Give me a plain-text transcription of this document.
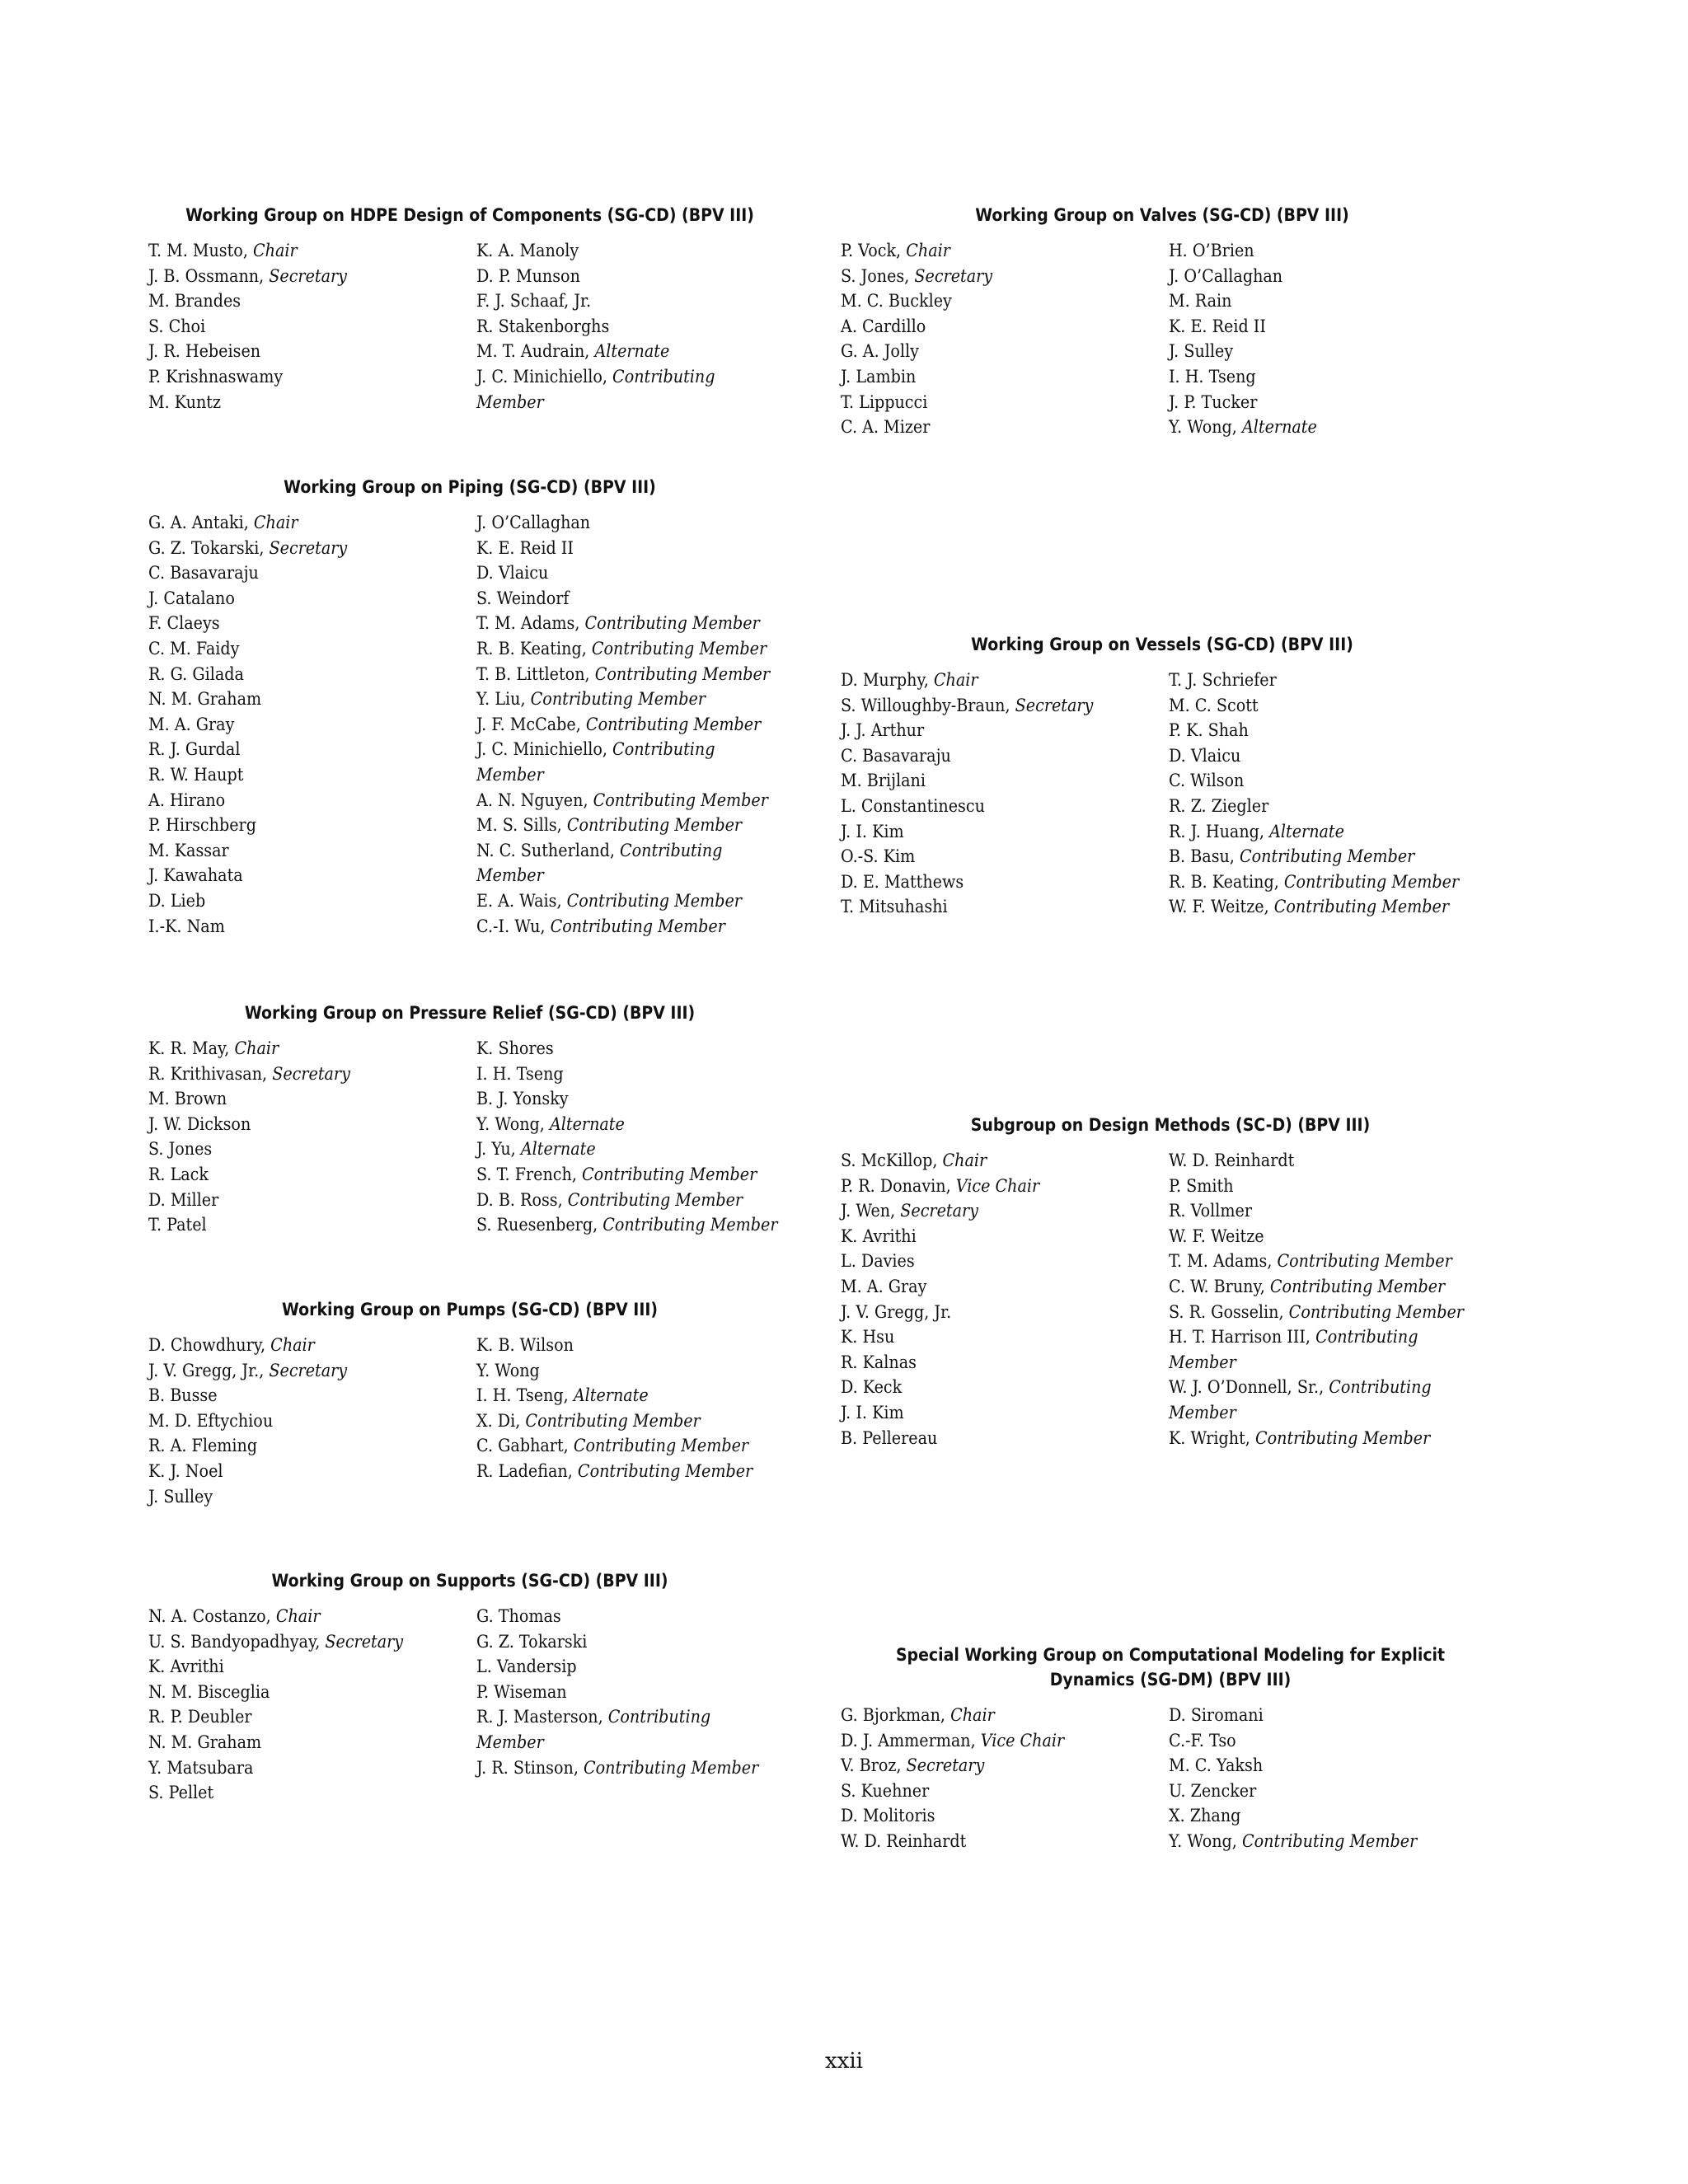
Working Group on HDPE Design of Components (SG-CD) (BPV III)
T. M. Musto, Chair
J. B. Ossmann, Secretary
M. Brandes
S. Choi
J. R. Hebeisen
P. Krishnaswamy
M. Kuntz
K. A. Manoly
D. P. Munson
F. J. Schaaf, Jr.
R. Stakenborghs
M. T. Audrain, Alternate
J. C. Minichiello, Contributing
Member
Working Group on Piping (SG-CD) (BPV III)
G. A. Antaki, Chair
G. Z. Tokarski, Secretary
C. Basavaraju
J. Catalano
F. Claeys
C. M. Faidy
R. G. Gilada
N. M. Graham
M. A. Gray
R. J. Gurdal
R. W. Haupt
A. Hirano
P. Hirschberg
M. Kassar
J. Kawahata
D. Lieb
I.-K. Nam
J. O’Callaghan
K. E. Reid II
D. Vlaicu
S. Weindorf
T. M. Adams, Contributing Member
R. B. Keating, Contributing Member
T. B. Littleton, Contributing Member
Y. Liu, Contributing Member
J. F. McCabe, Contributing Member
J. C. Minichiello, Contributing
Member
A. N. Nguyen, Contributing Member
M. S. Sills, Contributing Member
N. C. Sutherland, Contributing
Member
E. A. Wais, Contributing Member
C.-I. Wu, Contributing Member
Working Group on Pressure Relief (SG-CD) (BPV III)
K. R. May, Chair
R. Krithivasan, Secretary
M. Brown
J. W. Dickson
S. Jones
R. Lack
D. Miller
T. Patel
K. Shores
I. H. Tseng
B. J. Yonsky
Y. Wong, Alternate
J. Yu, Alternate
S. T. French, Contributing Member
D. B. Ross, Contributing Member
S. Ruesenberg, Contributing Member
Working Group on Pumps (SG-CD) (BPV III)
D. Chowdhury, Chair
J. V. Gregg, Jr., Secretary
B. Busse
M. D. Eftychiou
R. A. Fleming
K. J. Noel
J. Sulley
K. B. Wilson
Y. Wong
I. H. Tseng, Alternate
X. Di, Contributing Member
C. Gabhart, Contributing Member
R. Ladefian, Contributing Member
Working Group on Supports (SG-CD) (BPV III)
N. A. Costanzo, Chair
U. S. Bandyopadhyay, Secretary
K. Avrithi
N. M. Bisceglia
R. P. Deubler
N. M. Graham
Y. Matsubara
S. Pellet
G. Thomas
G. Z. Tokarski
L. Vandersip
P. Wiseman
R. J. Masterson, Contributing
Member
J. R. Stinson, Contributing Member
Working Group on Valves (SG-CD) (BPV III)
P. Vock, Chair
S. Jones, Secretary
M. C. Buckley
A. Cardillo
G. A. Jolly
J. Lambin
T. Lippucci
C. A. Mizer
H. O’Brien
J. O’Callaghan
M. Rain
K. E. Reid II
J. Sulley
I. H. Tseng
J. P. Tucker
Y. Wong, Alternate
Working Group on Vessels (SG-CD) (BPV III)
D. Murphy, Chair
S. Willoughby-Braun, Secretary
J. J. Arthur
C. Basavaraju
M. Brijlani
L. Constantinescu
J. I. Kim
O.-S. Kim
D. E. Matthews
T. Mitsuhashi
T. J. Schriefer
M. C. Scott
P. K. Shah
D. Vlaicu
C. Wilson
R. Z. Ziegler
R. J. Huang, Alternate
B. Basu, Contributing Member
R. B. Keating, Contributing Member
W. F. Weitze, Contributing Member
Subgroup on Design Methods (SC-D) (BPV III)
S. McKillop, Chair
P. R. Donavin, Vice Chair
J. Wen, Secretary
K. Avrithi
L. Davies
M. A. Gray
J. V. Gregg, Jr.
K. Hsu
R. Kalnas
D. Keck
J. I. Kim
B. Pellereau
W. D. Reinhardt
P. Smith
R. Vollmer
W. F. Weitze
T. M. Adams, Contributing Member
C. W. Bruny, Contributing Member
S. R. Gosselin, Contributing Member
H. T. Harrison III, Contributing
Member
W. J. O’Donnell, Sr., Contributing
Member
K. Wright, Contributing Member
Special Working Group on Computational Modeling for Explicit Dynamics (SG-DM) (BPV III)
G. Bjorkman, Chair
D. J. Ammerman, Vice Chair
V. Broz, Secretary
S. Kuehner
D. Molitoris
W. D. Reinhardt
D. Siromani
C.-F. Tso
M. C. Yaksh
U. Zencker
X. Zhang
Y. Wong, Contributing Member
xxii
